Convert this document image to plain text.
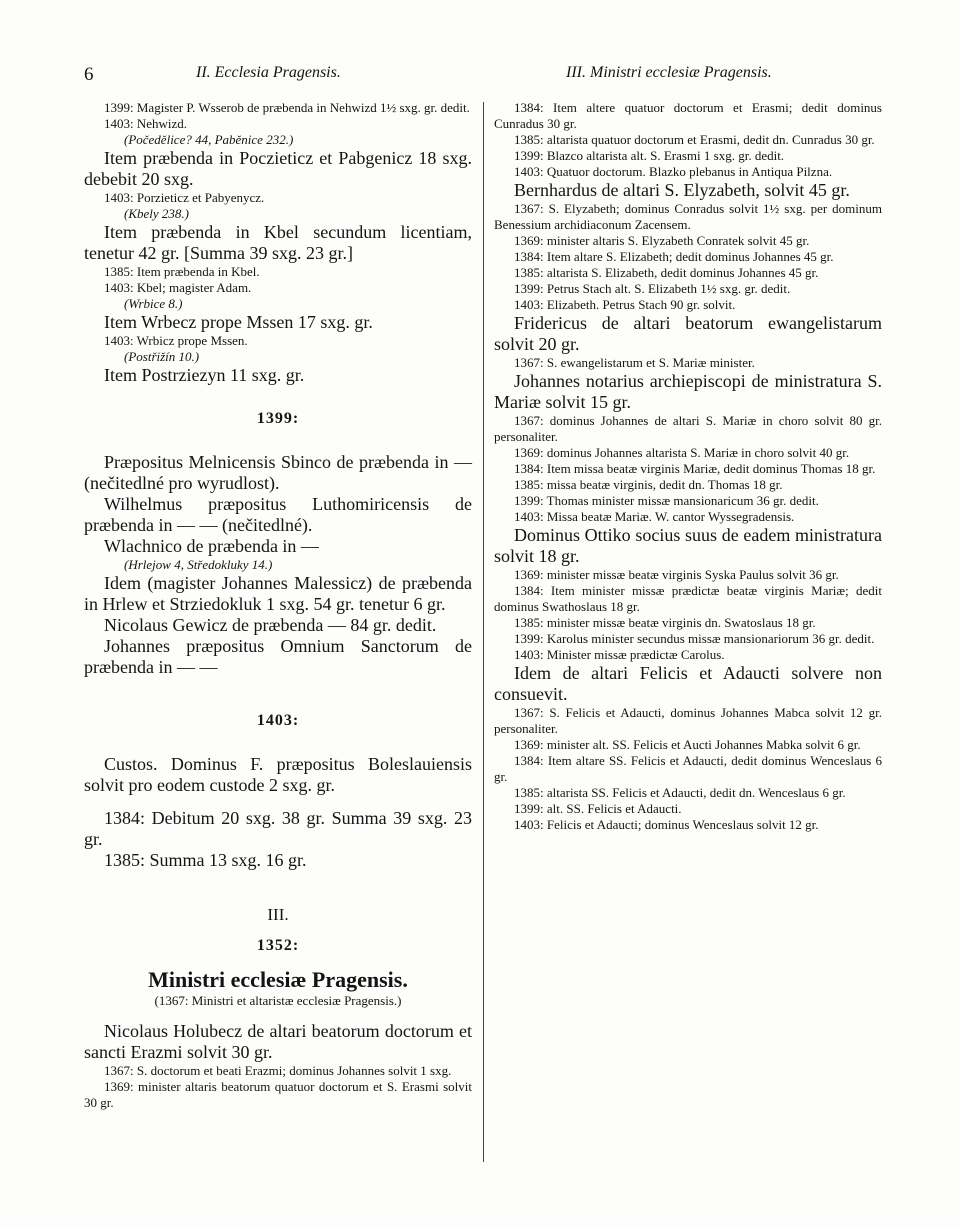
6	II. Ecclesia Pragensis.	III. Ministri ecclesiæ Pragensis.

1399: Magister P. Wsserob de præbenda in Nehwizd 1½ sxg. gr. dedit.

1403: Nehwizd.

(Počedělice? 44, Paběnice 232.)

Item præbenda in Poczieticz et Pabgenicz 18 sxg. debebit 20 sxg.

1403: Porzieticz et Pabyenycz.

(Kbely 238.)

Item præbenda in Kbel secundum licentiam, tenetur 42 gr. [Summa 39 sxg. 23 gr.]

1385: Item præbenda in Kbel.

1403: Kbel; magister Adam.

(Wrbice 8.)

Item Wrbecz prope Mssen 17 sxg. gr.

1403: Wrbicz prope Mssen.

(Postřižín 10.)

Item Postrziezyn 11 sxg. gr.

1399:

Præpositus Melnicensis Sbinco de præbenda in — (nečitedlné pro wyrudlost).

Wilhelmus præpositus Luthomiricensis de præbenda in — — (nečitedlné).

Wlachnico de præbenda in —

(Hrlejow 4, Středokluky 14.)

Idem (magister Johannes Malessicz) de præbenda in Hrlew et Strziedokluk 1 sxg. 54 gr. tenetur 6 gr.

Nicolaus Gewicz de præbenda — 84 gr. dedit.

Johannes præpositus Omnium Sanctorum de præbenda in — —

1403:

Custos. Dominus F. præpositus Boleslauiensis solvit pro eodem custode 2 sxg. gr.

1384: Debitum 20 sxg. 38 gr. Summa 39 sxg. 23 gr.

1385: Summa 13 sxg. 16 gr.

III.

1352:

Ministri ecclesiæ Pragensis.

(1367: Ministri et altaristæ ecclesiæ Pragensis.)

Nicolaus Holubecz de altari beatorum doctorum et sancti Erazmi solvit 30 gr.

1367: S. doctorum et beati Erazmi; dominus Johannes solvit 1 sxg.

1369: minister altaris beatorum quatuor doctorum et S. Erasmi solvit 30 gr.

1384: Item altere quatuor doctorum et Erasmi; dedit dominus Cunradus 30 gr.

1385: altarista quatuor doctorum et Erasmi, dedit dn. Cunradus 30 gr.

1399: Blazco altarista alt. S. Erasmi 1 sxg. gr. dedit.

1403: Quatuor doctorum. Blazko plebanus in Antiqua Pilzna.

Bernhardus de altari S. Elyzabeth, solvit 45 gr.

1367: S. Elyzabeth; dominus Conradus solvit 1½ sxg. per dominum Benessium archidiaconum Zacensem.

1369: minister altaris S. Elyzabeth Conratek solvit 45 gr.

1384: Item altare S. Elizabeth; dedit dominus Johannes 45 gr.

1385: altarista S. Elizabeth, dedit dominus Johannes 45 gr.

1399: Petrus Stach alt. S. Elizabeth 1½ sxg. gr. dedit.

1403: Elizabeth. Petrus Stach 90 gr. solvit.

Fridericus de altari beatorum ewangelistarum solvit 20 gr.

1367: S. ewangelistarum et S. Mariæ minister.

Johannes notarius archiepiscopi de ministratura S. Mariæ solvit 15 gr.

1367: dominus Johannes de altari S. Mariæ in choro solvit 80 gr. personaliter.

1369: dominus Johannes altarista S. Mariæ in choro solvit 40 gr.

1384: Item missa beatæ virginis Mariæ, dedit dominus Thomas 18 gr.

1385: missa beatæ virginis, dedit dn. Thomas 18 gr.

1399: Thomas minister missæ mansionaricum 36 gr. dedit.

1403: Missa beatæ Mariæ. W. cantor Wyssegradensis.

Dominus Ottiko socius suus de eadem ministratura solvit 18 gr.

1369: minister missæ beatæ virginis Syska Paulus solvit 36 gr.

1384: Item minister missæ prædictæ beatæ virginis Mariæ; dedit dominus Swathoslaus 18 gr.

1385: minister missæ beatæ virginis dn. Swatoslaus 18 gr.

1399: Karolus minister secundus missæ mansionariorum 36 gr. dedit.

1403: Minister missæ prædictæ Carolus.

Idem de altari Felicis et Adaucti solvere non consuevit.

1367: S. Felicis et Adaucti, dominus Johannes Mabca solvit 12 gr. personaliter.

1369: minister alt. SS. Felicis et Aucti Johannes Mabka solvit 6 gr.

1384: Item altare SS. Felicis et Adaucti, dedit dominus Wenceslaus 6 gr.

1385: altarista SS. Felicis et Adaucti, dedit dn. Wenceslaus 6 gr.

1399: alt. SS. Felicis et Adaucti.

1403: Felicis et Adaucti; dominus Wenceslaus solvit 12 gr.
